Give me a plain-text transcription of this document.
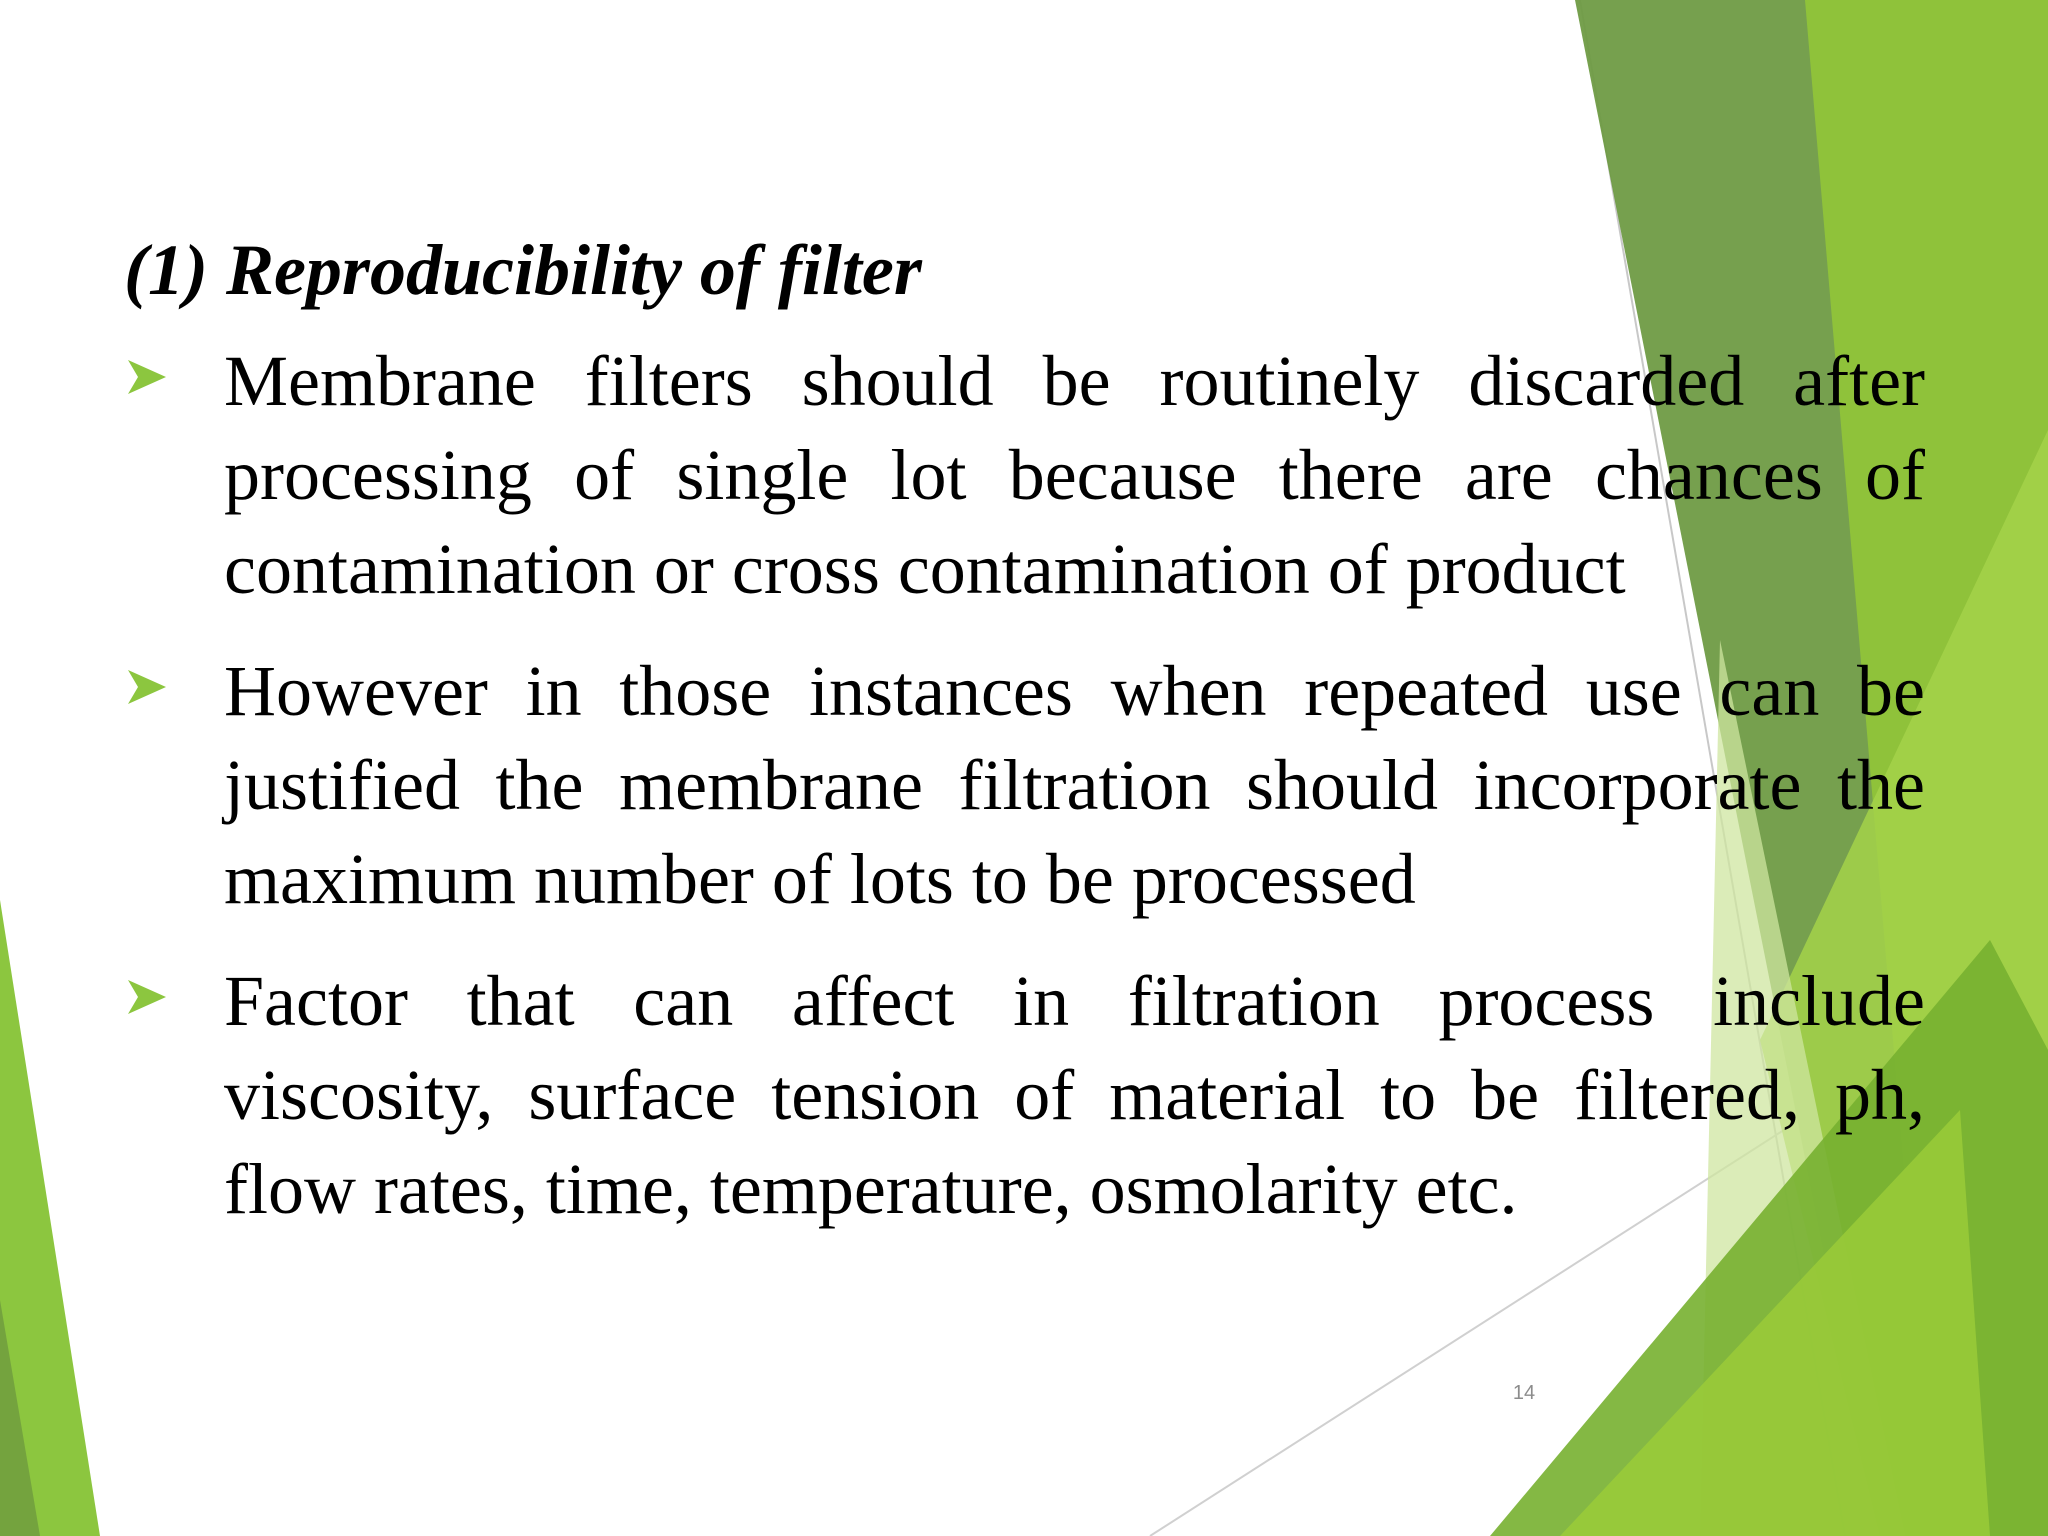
(1) Reproducibility of filter
Membrane filters should be routinely discarded after processing of single lot because there are chances of contamination or cross contamination of product
However in those instances when repeated use can be justified the membrane filtration should incorporate the maximum number of lots to be processed
Factor that can affect in filtration process include viscosity, surface tension of material to be filtered, ph, flow rates, time, temperature, osmolarity etc.
14
